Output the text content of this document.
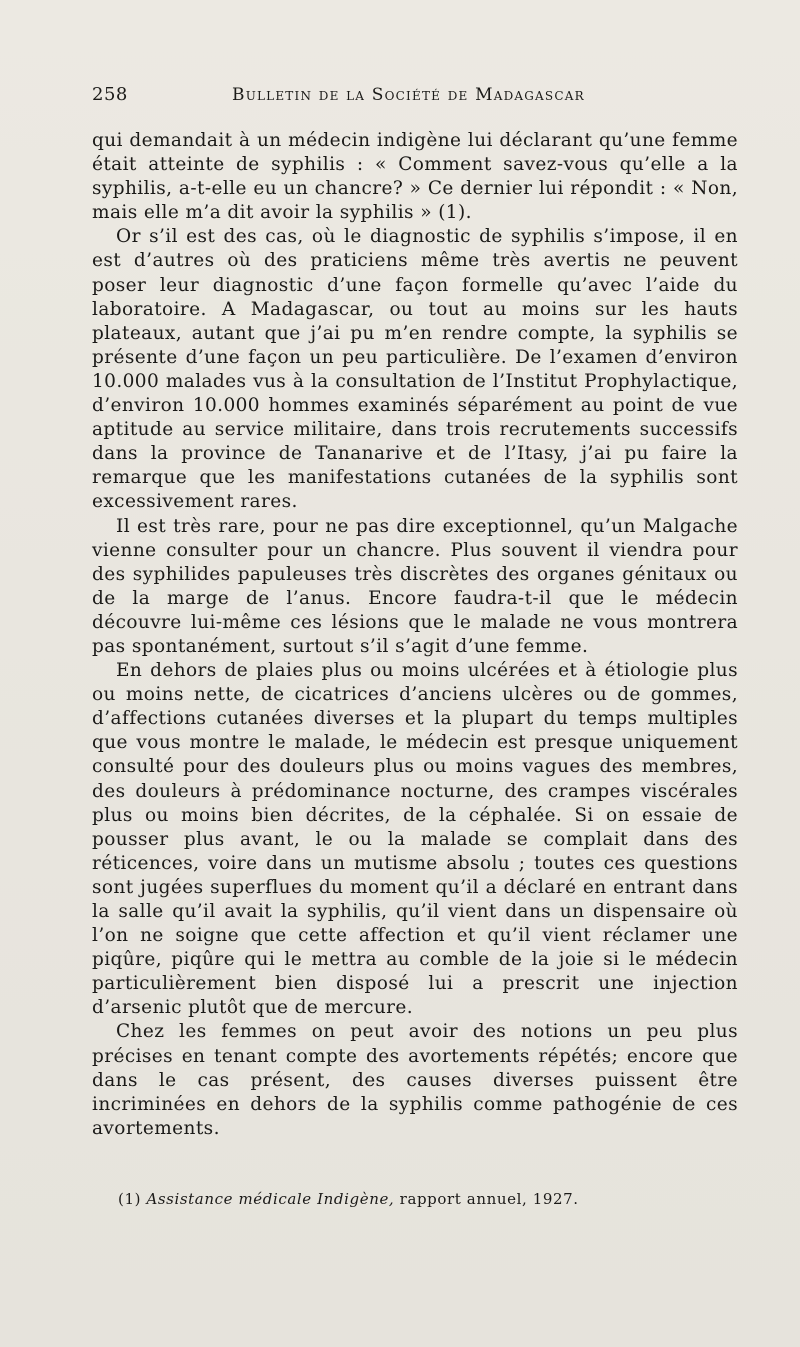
258	Bulletin de la Société de Madagascar

qui demandait à un médecin indigène lui déclarant qu’une femme était atteinte de syphilis : « Comment savez-vous qu’elle a la syphilis, a-t-elle eu un chancre? » Ce dernier lui répondit : « Non, mais elle m’a dit avoir la syphilis » (1).

Or s’il est des cas, où le diagnostic de syphilis s’impose, il en est d’autres où des praticiens même très avertis ne peuvent poser leur diagnostic d’une façon formelle qu’avec l’aide du laboratoire. A Madagascar, ou tout au moins sur les hauts plateaux, autant que j’ai pu m’en rendre compte, la syphilis se présente d’une façon un peu particulière. De l’examen d’environ 10.000 malades vus à la consultation de l’Institut Prophylactique, d’environ 10.000 hommes examinés séparément au point de vue aptitude au service militaire, dans trois recrutements successifs dans la province de Tananarive et de l’Itasy, j’ai pu faire la remarque que les manifestations cutanées de la syphilis sont excessivement rares.

Il est très rare, pour ne pas dire exceptionnel, qu’un Malgache vienne consulter pour un chancre. Plus souvent il viendra pour des syphilides papuleuses très discrètes des organes génitaux ou de la marge de l’anus. Encore faudra-t-il que le médecin découvre lui-même ces lésions que le malade ne vous montrera pas spontanément, surtout s’il s’agit d’une femme.

En dehors de plaies plus ou moins ulcérées et à étiologie plus ou moins nette, de cicatrices d’anciens ulcères ou de gommes, d’affections cutanées diverses et la plupart du temps multiples que vous montre le malade, le médecin est presque uniquement consulté pour des douleurs plus ou moins vagues des membres, des douleurs à prédominance nocturne, des crampes viscérales plus ou moins bien décrites, de la céphalée. Si on essaie de pousser plus avant, le ou la malade se complait dans des réticences, voire dans un mutisme absolu ; toutes ces questions sont jugées superflues du moment qu’il a déclaré en entrant dans la salle qu’il avait la syphilis, qu’il vient dans un dispensaire où l’on ne soigne que cette affection et qu’il vient réclamer une piqûre, piqûre qui le mettra au comble de la joie si le médecin particulièrement bien disposé lui a prescrit une injection d’arsenic plutôt que de mercure.

Chez les femmes on peut avoir des notions un peu plus précises en tenant compte des avortements répétés; encore que dans le cas présent, des causes diverses puissent être incriminées en dehors de la syphilis comme pathogénie de ces avortements.

(1) Assistance médicale Indigène, rapport annuel, 1927.
